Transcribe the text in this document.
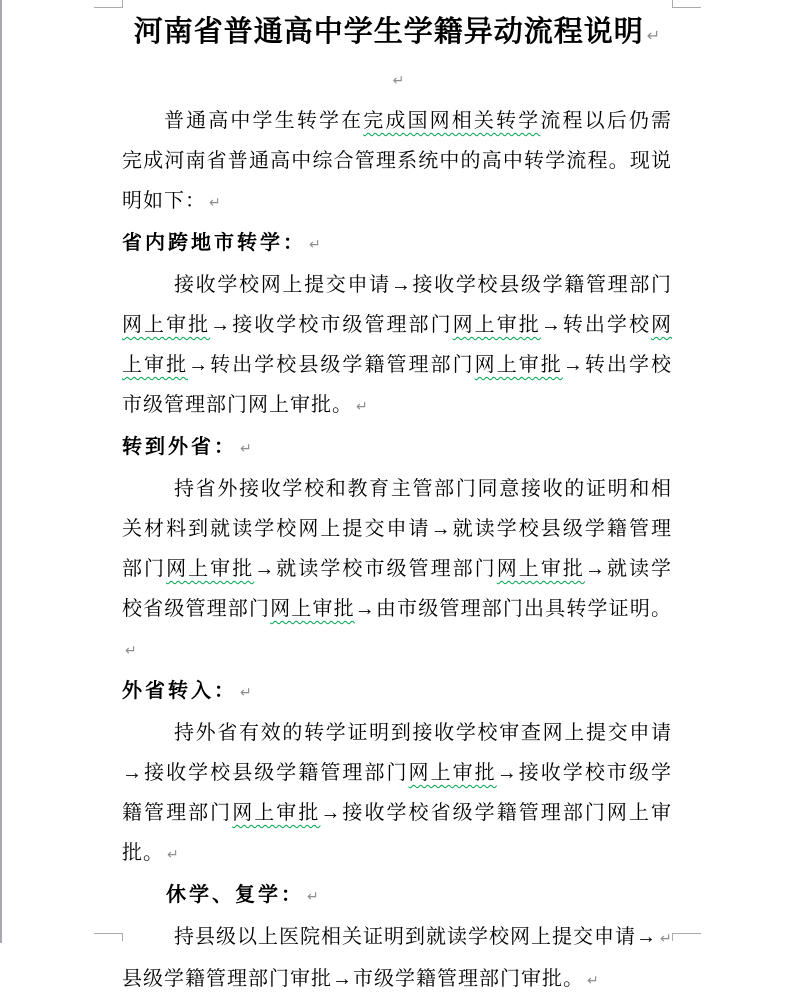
河南省普通高中学生学籍异动流程说明 ↵
↵
普通高中学生转学在完成国网相关转学流程以后仍需
完成河南省普通高中综合管理系统中的高中转学流程。现说
明如下： ↵
省内跨地市转学： ↵
接收学校网上提交申请→接收学校县级学籍管理部门
网上审批→接收学校市级管理部门网上审批→转出学校网
上审批→转出学校县级学籍管理部门网上审批→转出学校
市级管理部门网上审批。 ↵
转到外省： ↵
持省外接收学校和教育主管部门同意接收的证明和相
关材料到就读学校网上提交申请→就读学校县级学籍管理
部门网上审批→就读学校市级管理部门网上审批→就读学
校省级管理部门网上审批→由市级管理部门出具转学证明。↵
外省转入： ↵
持外省有效的转学证明到接收学校审查网上提交申请
→接收学校县级学籍管理部门网上审批→接收学校市级学
籍管理部门网上审批→接收学校省级学籍管理部门网上审
批。 ↵
休学、复学： ↵
持县级以上医院相关证明到就读学校网上提交申请→ ↵
县级学籍管理部门审批→市级学籍管理部门审批。 ↵
